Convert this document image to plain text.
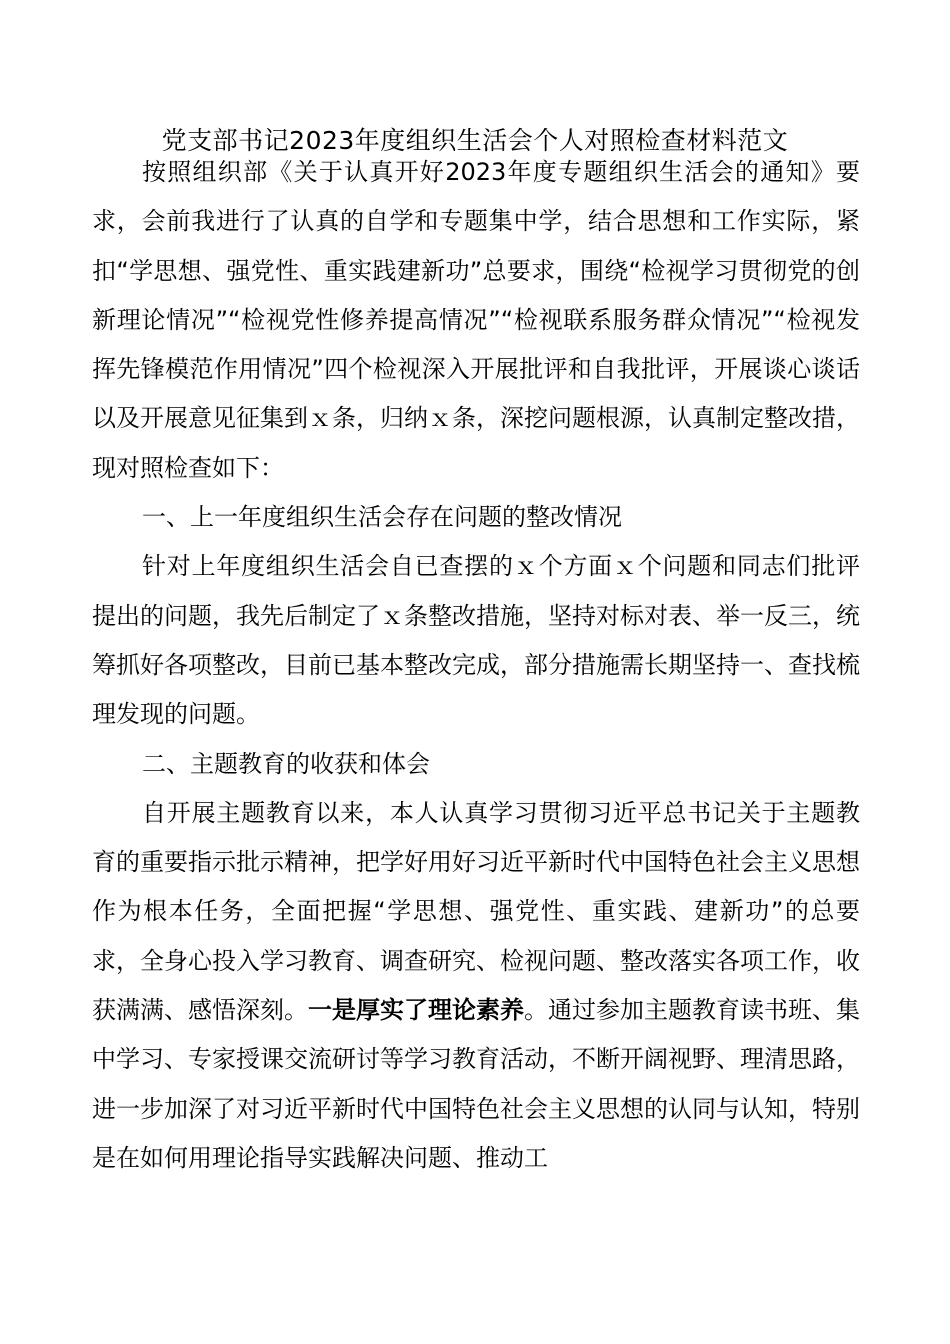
党支部书记2023年度组织生活会个人对照检查材料范文

按照组织部《关于认真开好2023年度专题组织生活会的通知》要求，会前我进行了认真的自学和专题集中学，结合思想和工作实际，紧扣“学思想、强党性、重实践建新功”总要求，围绕“检视学习贯彻党的创新理论情况”“检视党性修养提高情况”“检视联系服务群众情况”“检视发挥先锋模范作用情况”四个检视深入开展批评和自我批评，开展谈心谈话以及开展意见征集到ｘ条，归纳ｘ条，深挖问题根源，认真制定整改措，现对照检查如下：

一、上一年度组织生活会存在问题的整改情况

针对上年度组织生活会自已查摆的ｘ个方面ｘ个问题和同志们批评提出的问题，我先后制定了ｘ条整改措施，坚持对标对表、举一反三，统筹抓好各项整改，目前已基本整改完成，部分措施需长期坚持一、查找梳理发现的问题。

二、主题教育的收获和体会

自开展主题教育以来，本人认真学习贯彻习近平总书记关于主题教育的重要指示批示精神，把学好用好习近平新时代中国特色社会主义思想作为根本任务，全面把握“学思想、强党性、重实践、建新功”的总要求，全身心投入学习教育、调查研究、检视问题、整改落实各项工作，收获满满、感悟深刻。一是厚实了理论素养。通过参加主题教育读书班、集中学习、专家授课交流研讨等学习教育活动，不断开阔视野、理清思路，进一步加深了对习近平新时代中国特色社会主义思想的认同与认知，特别是在如何用理论指导实践解决问题、推动工
